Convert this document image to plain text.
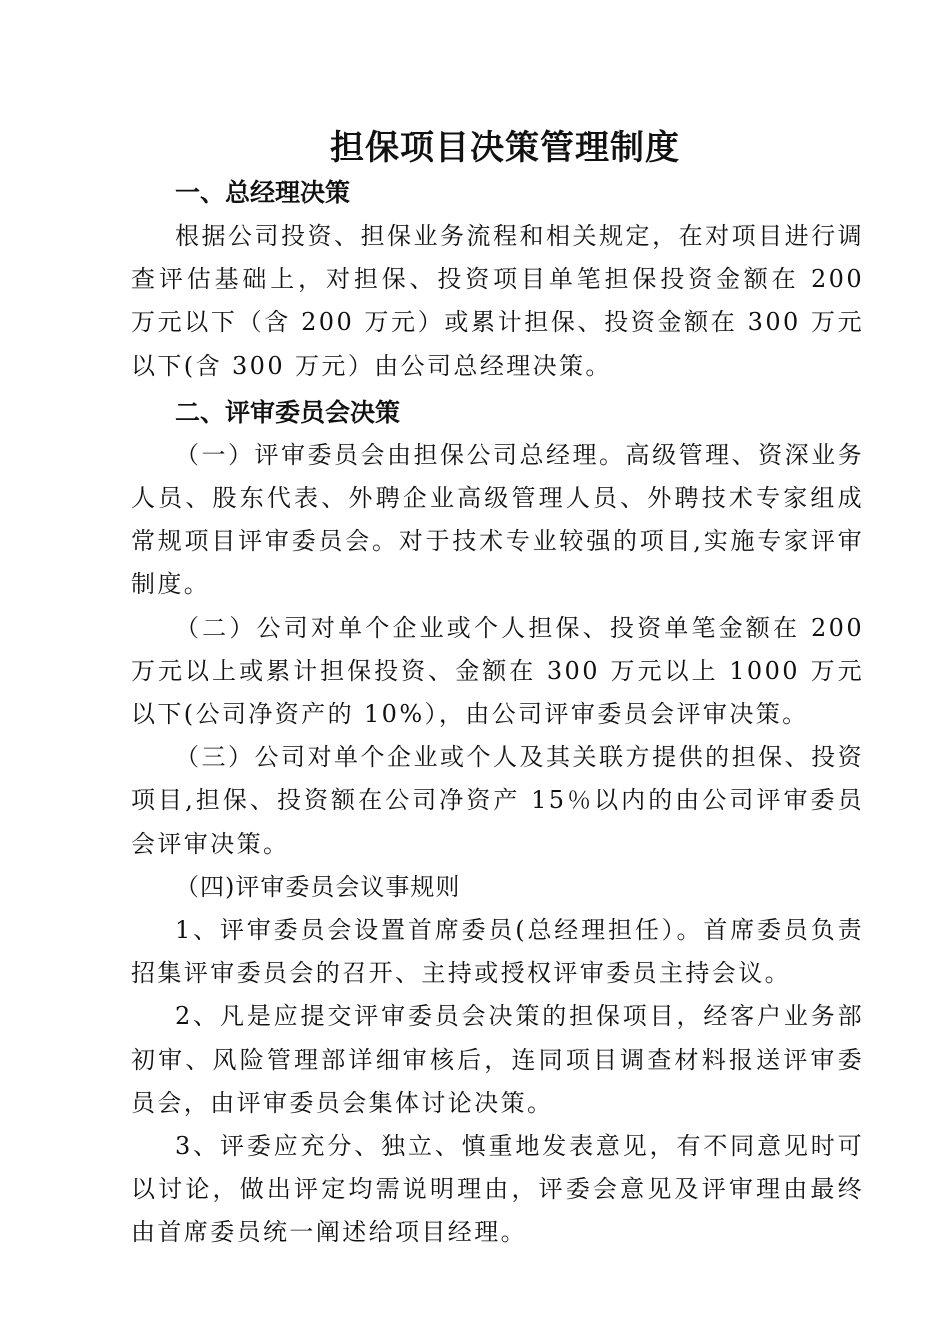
担保项目决策管理制度

一、总经理决策

根据公司投资、担保业务流程和相关规定，在对项目进行调查评估基础上，对担保、投资项目单笔担保投资金额在 200 万元以下（含 200 万元）或累计担保、投资金额在 300 万元以下(含 300 万元）由公司总经理决策。

二、评审委员会决策

（一）评审委员会由担保公司总经理。高级管理、资深业务人员、股东代表、外聘企业高级管理人员、外聘技术专家组成常规项目评审委员会。对于技术专业较强的项目,实施专家评审制度。

（二）公司对单个企业或个人担保、投资单笔金额在 200 万元以上或累计担保投资、金额在 300 万元以上 1000 万元以下(公司净资产的 10%），由公司评审委员会评审决策。

（三）公司对单个企业或个人及其关联方提供的担保、投资项目,担保、投资额在公司净资产 15％以内的由公司评审委员会评审决策。

（四)评审委员会议事规则

1、评审委员会设置首席委员(总经理担任）。首席委员负责招集评审委员会的召开、主持或授权评审委员主持会议。

2、凡是应提交评审委员会决策的担保项目，经客户业务部初审、风险管理部详细审核后，连同项目调查材料报送评审委员会，由评审委员会集体讨论决策。

3、评委应充分、独立、慎重地发表意见，有不同意见时可以讨论，做出评定均需说明理由，评委会意见及评审理由最终由首席委员统一阐述给项目经理。
